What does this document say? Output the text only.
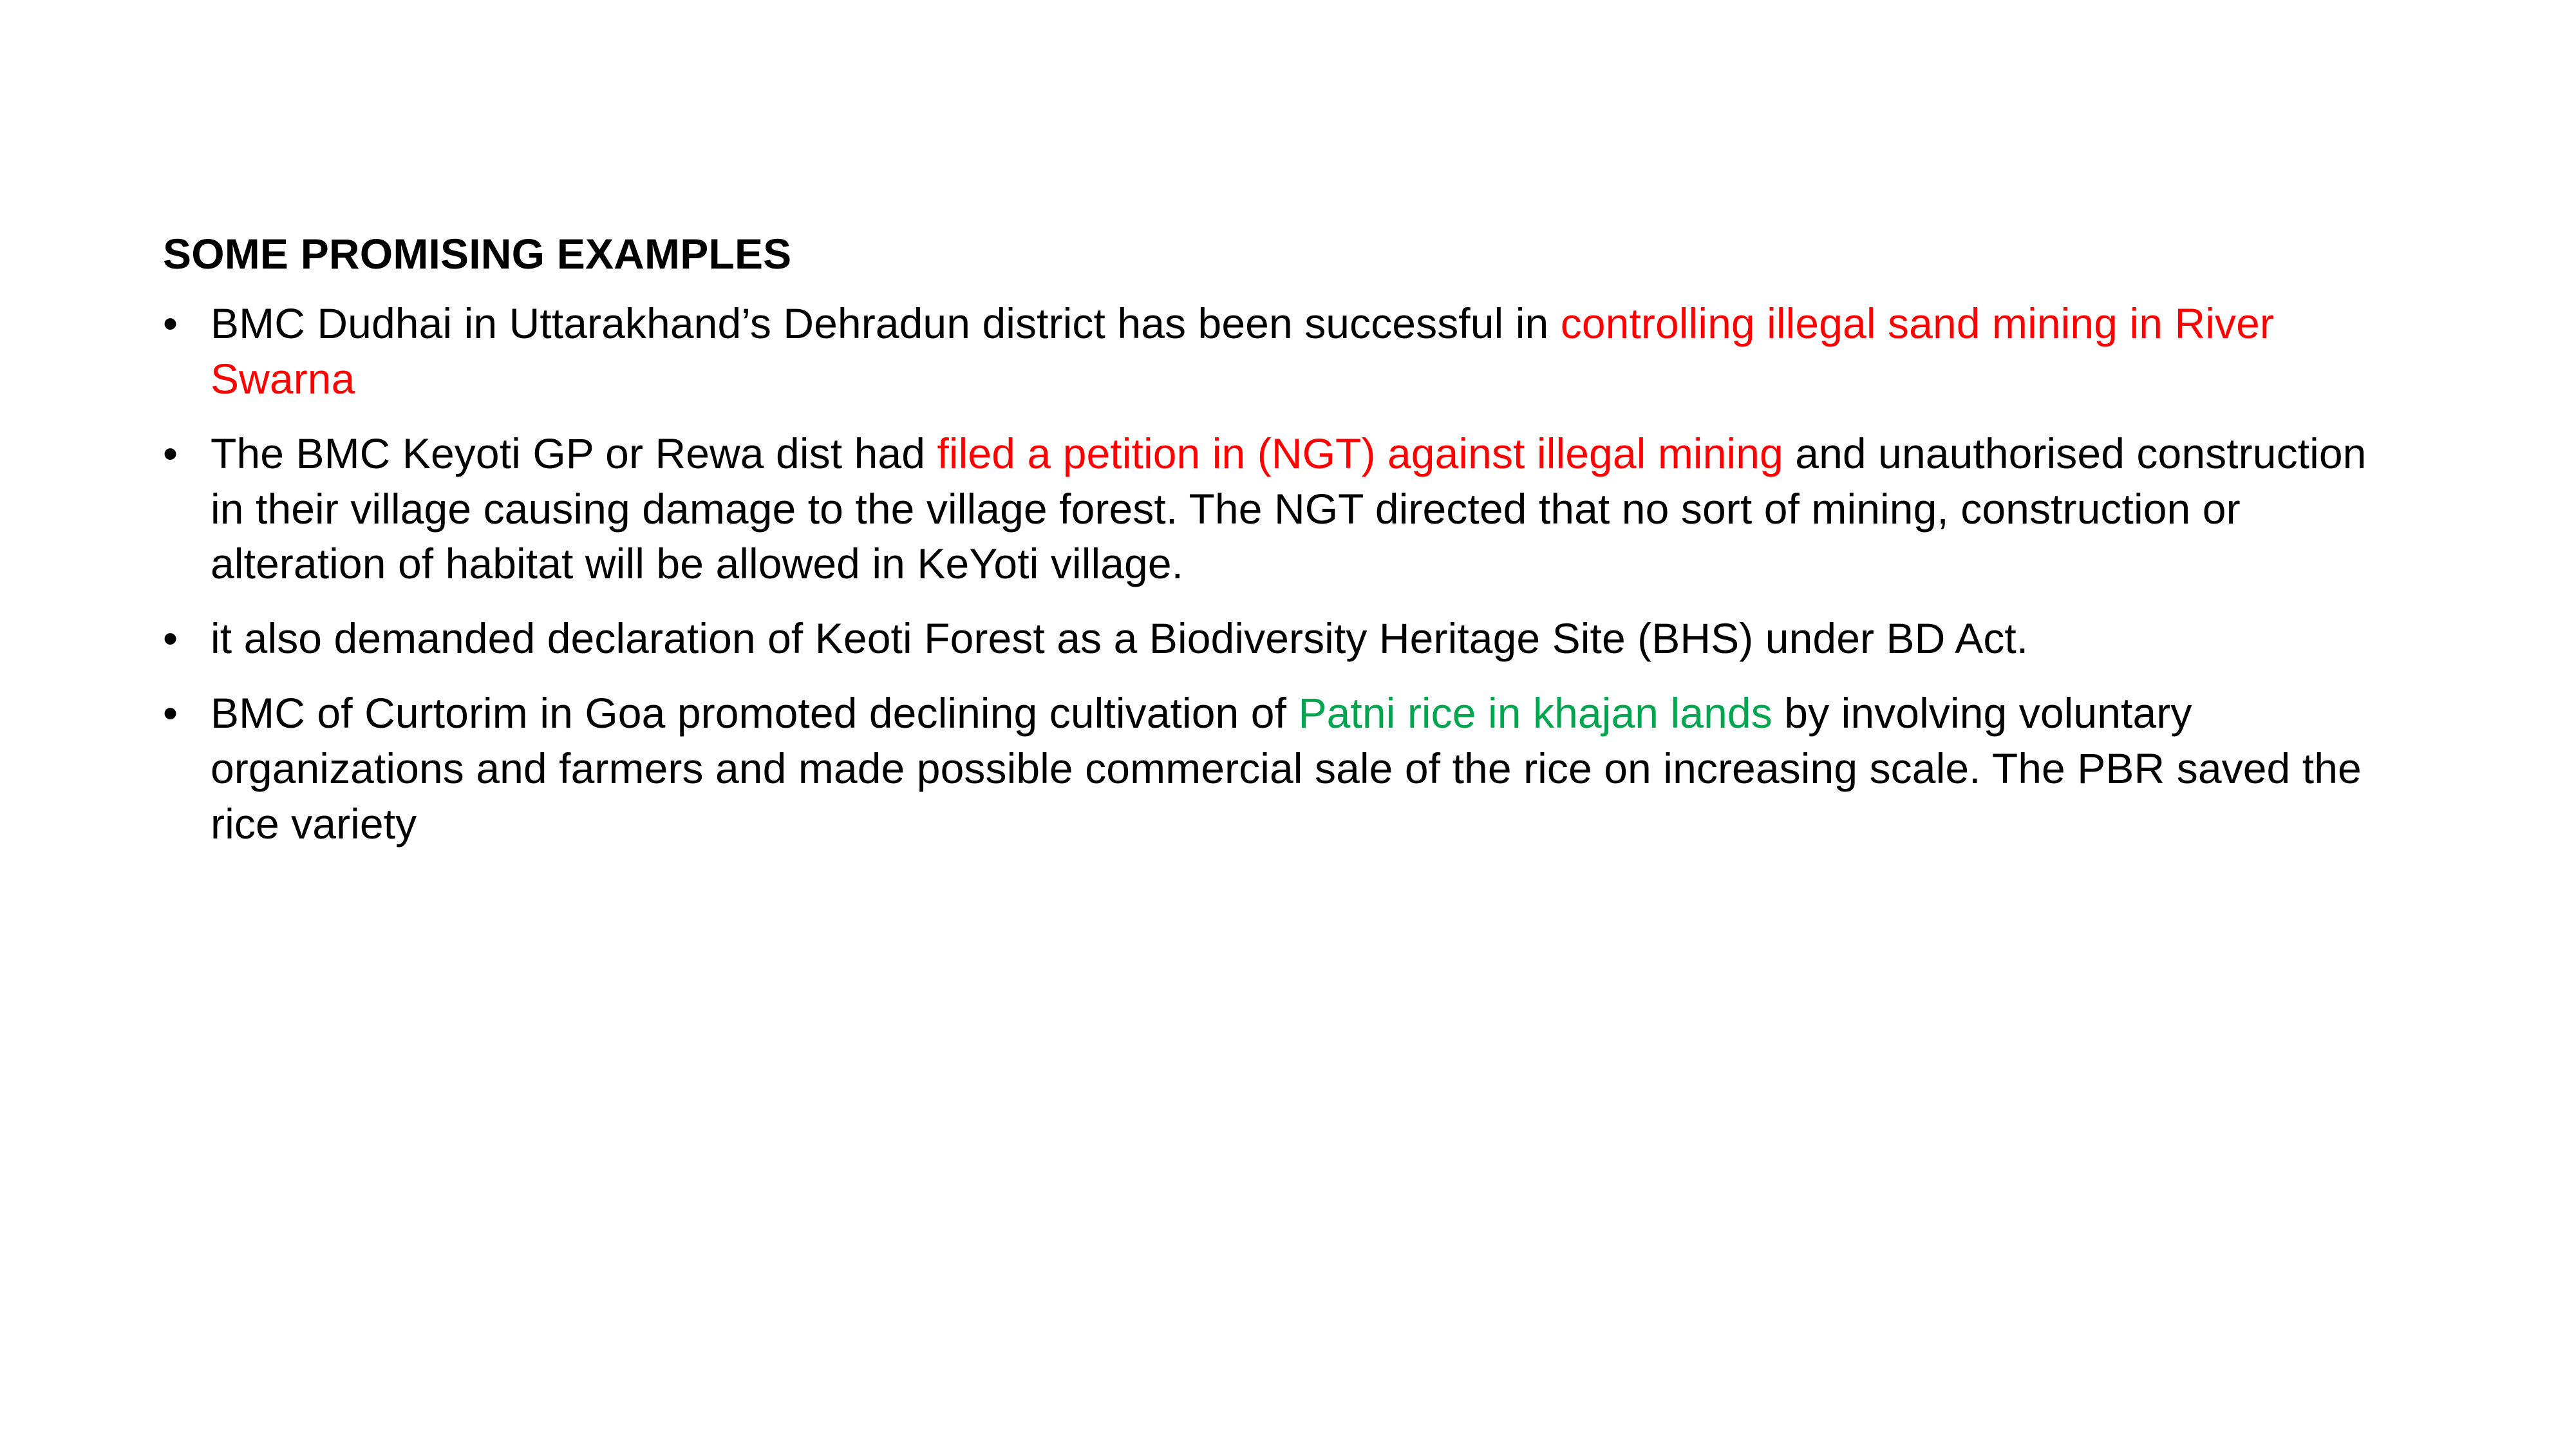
SOME PROMISING EXAMPLES
• BMC Dudhai in Uttarakhand’s Dehradun district has been successful in controlling illegal sand mining in River Swarna
• The BMC Keyoti GP or Rewa dist had filed a petition in (NGT) against illegal mining and unauthorised construction in their village causing damage to the village forest. The NGT directed that no sort of mining, construction or alteration of habitat will be allowed in KeYoti village.
• it also demanded declaration of Keoti Forest as a Biodiversity Heritage Site (BHS) under BD Act.
• BMC of Curtorim in Goa promoted declining cultivation of Patni rice in khajan lands by involving voluntary organizations and farmers and made possible commercial sale of the rice on increasing scale. The PBR saved the rice variety
